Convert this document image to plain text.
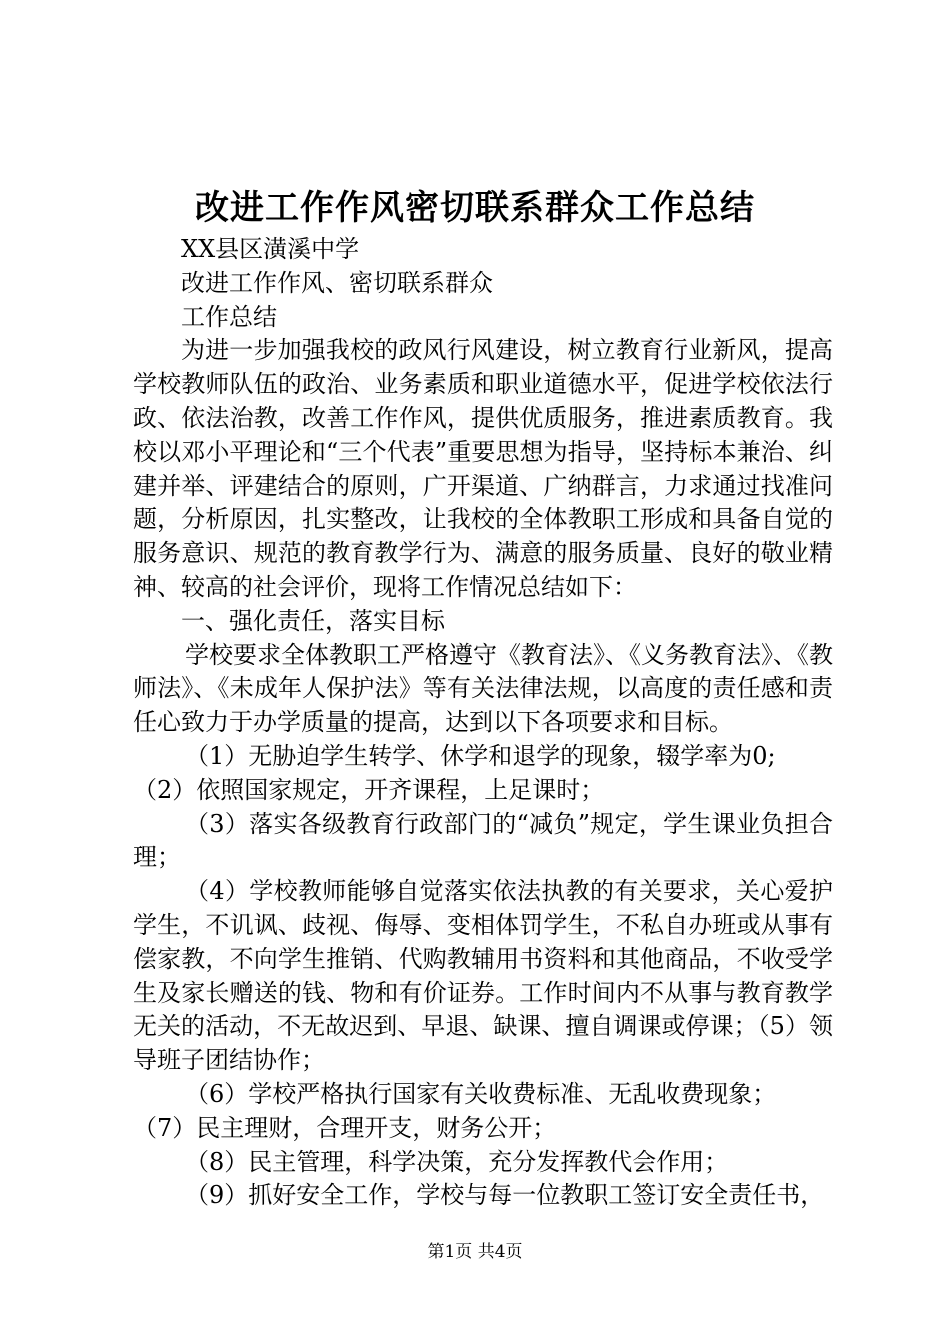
改进工作作风密切联系群众工作总结

XX县区潢溪中学

改进工作作风、密切联系群众

工作总结

为进一步加强我校的政风行风建设，树立教育行业新风，提高学校教师队伍的政治、业务素质和职业道德水平，促进学校依法行政、依法治教，改善工作作风，提供优质服务，推进素质教育。我校以邓小平理论和“三个代表”重要思想为指导，坚持标本兼治、纠建并举、评建结合的原则，广开渠道、广纳群言，力求通过找准问题，分析原因，扎实整改，让我校的全体教职工形成和具备自觉的服务意识、规范的教育教学行为、满意的服务质量、良好的敬业精神、较高的社会评价，现将工作情况总结如下：

一、强化责任，落实目标

学校要求全体教职工严格遵守《教育法》、《义务教育法》、《教师法》、《未成年人保护法》等有关法律法规，以高度的责任感和责任心致力于办学质量的提高，达到以下各项要求和目标。

（1）无胁迫学生转学、休学和退学的现象，辍学率为0;

（2）依照国家规定，开齐课程，上足课时；

（3）落实各级教育行政部门的“减负”规定，学生课业负担合理；

（4）学校教师能够自觉落实依法执教的有关要求，关心爱护学生，不讥讽、歧视、侮辱、变相体罚学生，不私自办班或从事有偿家教，不向学生推销、代购教辅用书资料和其他商品，不收受学生及家长赠送的钱、物和有价证券。工作时间内不从事与教育教学无关的活动，不无故迟到、早退、缺课、擅自调课或停课；（5）领导班子团结协作；

（6）学校严格执行国家有关收费标准、无乱收费现象；

（7）民主理财，合理开支，财务公开；

（8）民主管理，科学决策，充分发挥教代会作用；

（9）抓好安全工作，学校与每一位教职工签订安全责任书，

第1页 共4页
